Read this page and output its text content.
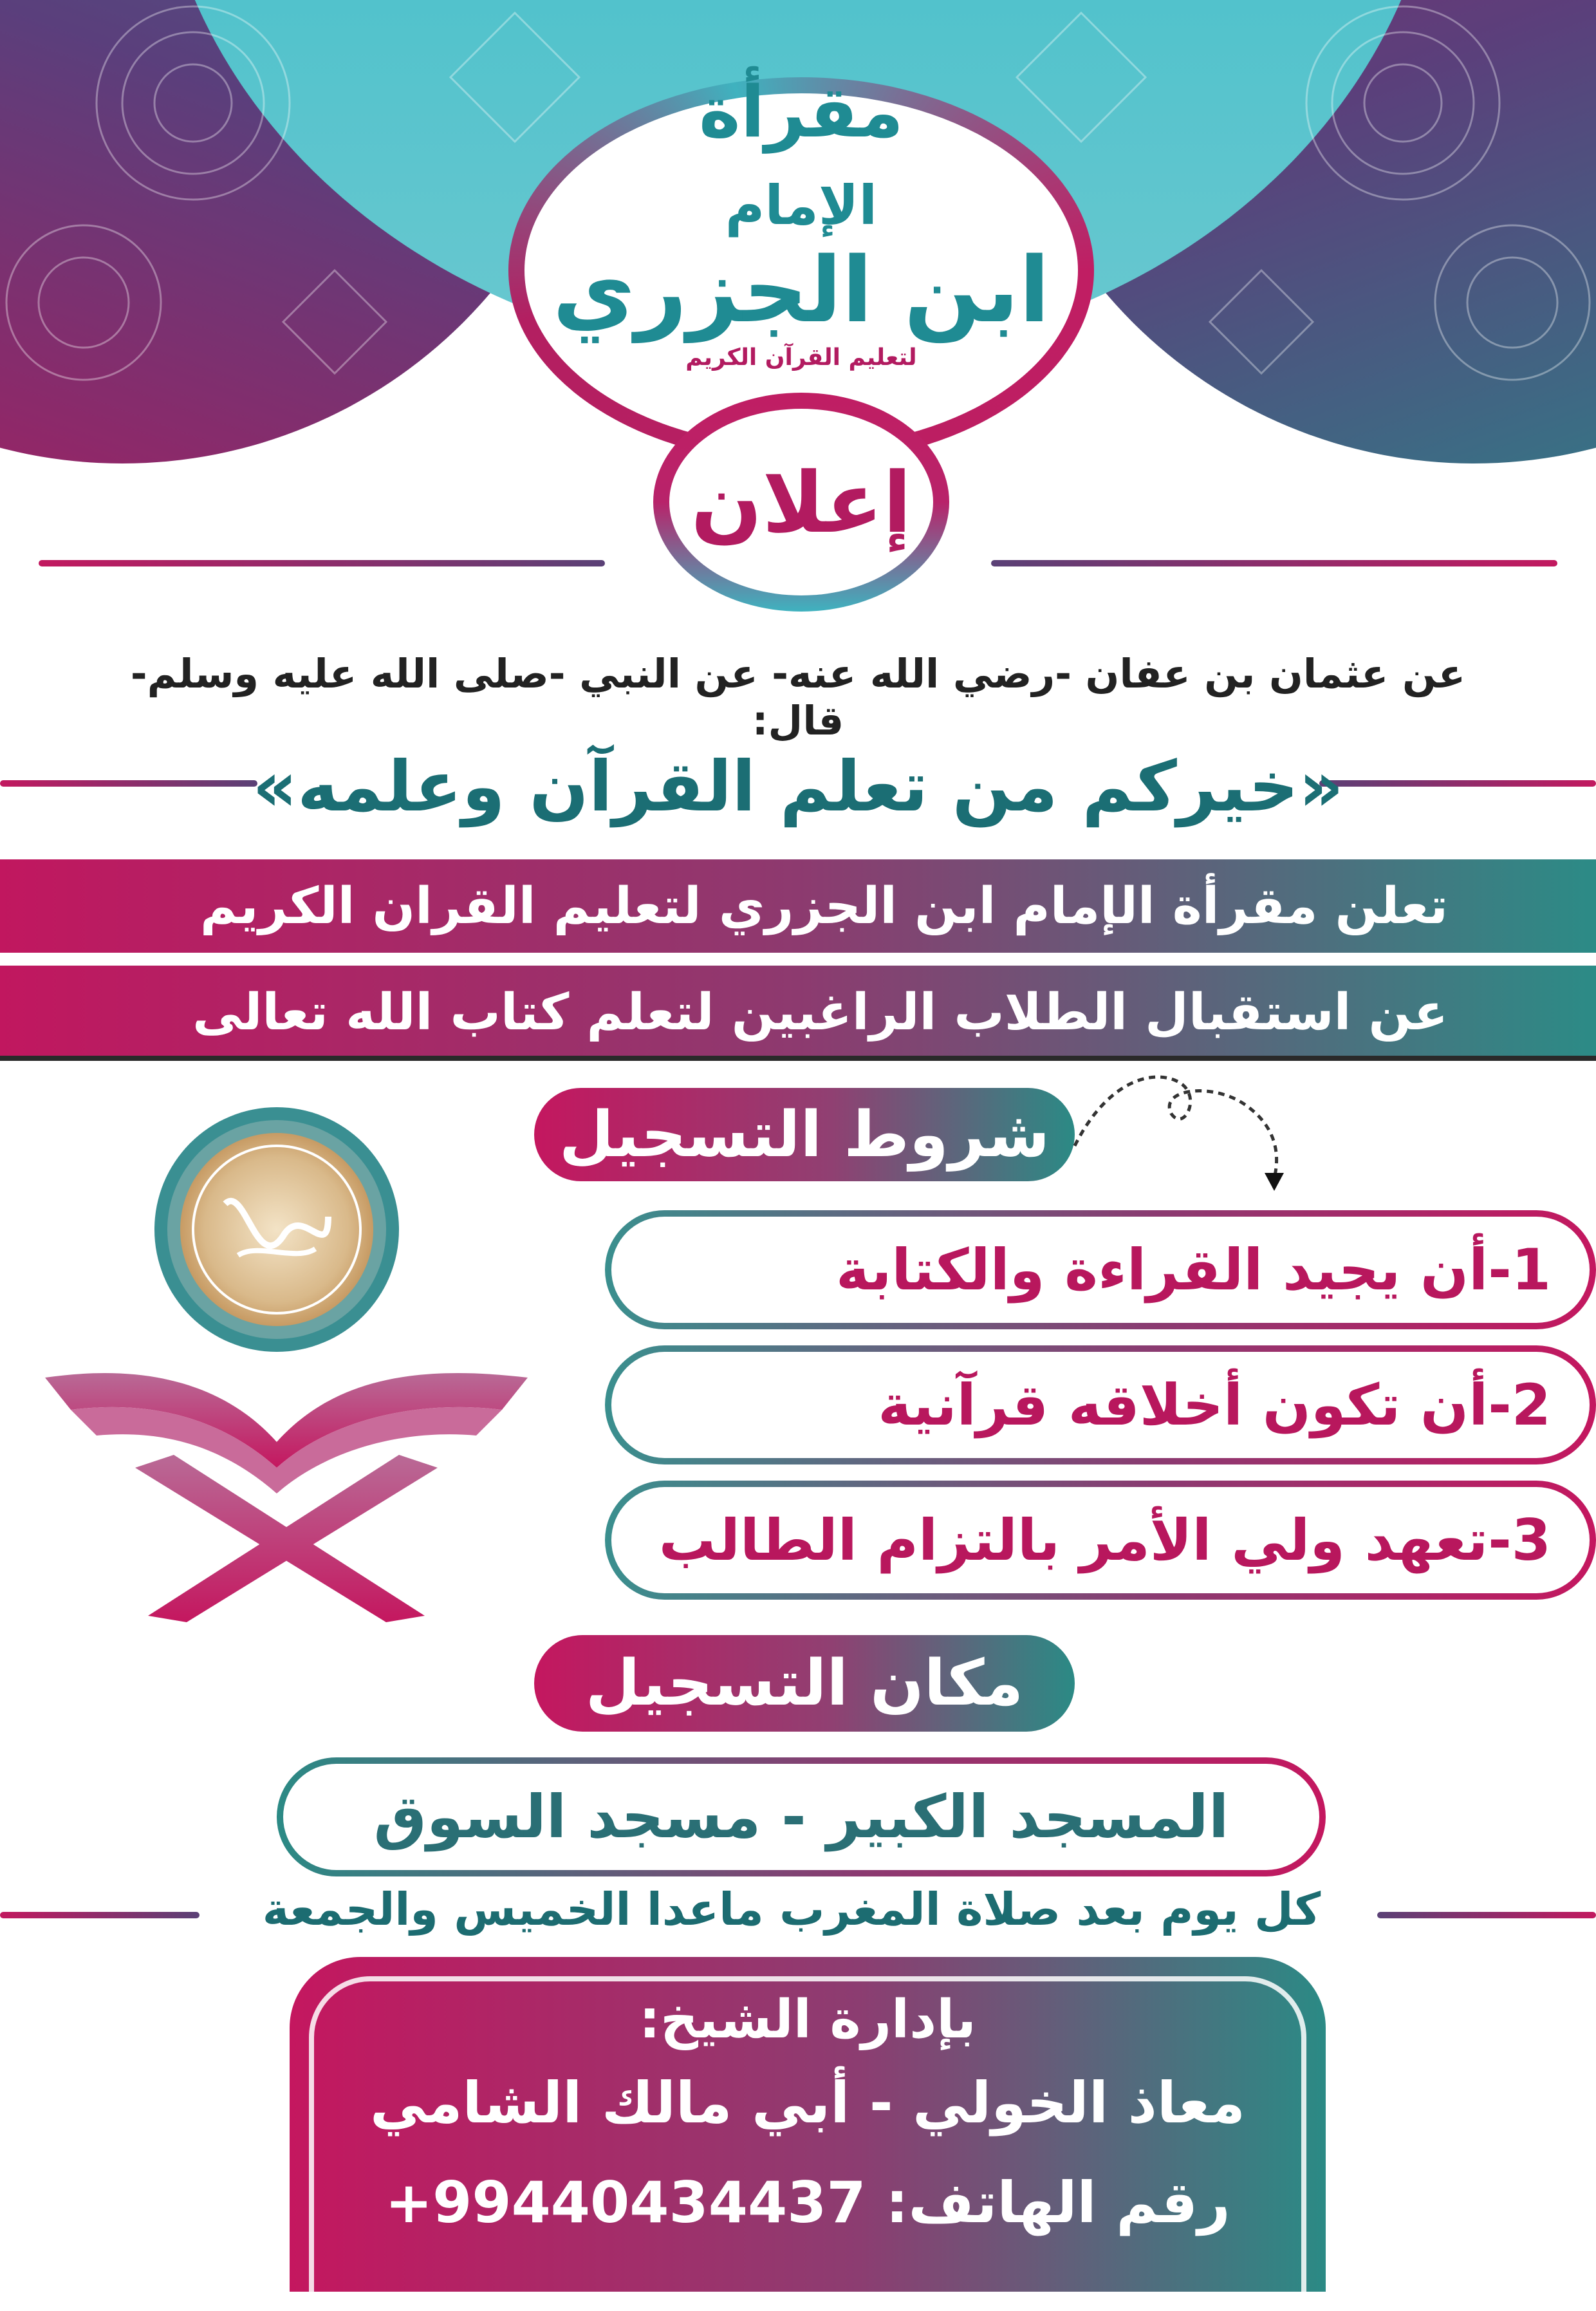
مقرأة
الإمام
ابن الجزري
لتعليم القرآن الكريم
إعلان
عن عثمان بن عفان -رضي الله عنه- عن النبي -صلى الله عليه وسلم- قال:
«خيركم من تعلم القرآن وعلمه»
تعلن مقرأة الإمام ابن الجزري لتعليم القران الكريم
عن استقبال الطلاب الراغبين لتعلم كتاب الله تعالى
شروط التسجيل
1
-أن يجيد القراءة والكتابة
2
-أن تكون أخلاقه قرآنية
3
-تعهد ولي الأمر بالتزام الطالب
مكان التسجيل
المسجد الكبير - مسجد السوق
كل يوم بعد صلاة المغرب ماعدا الخميس والجمعة
بإدارة الشيخ:
معاذ الخولي - أبي مالك الشامي
رقم الهاتف: +99440434437
